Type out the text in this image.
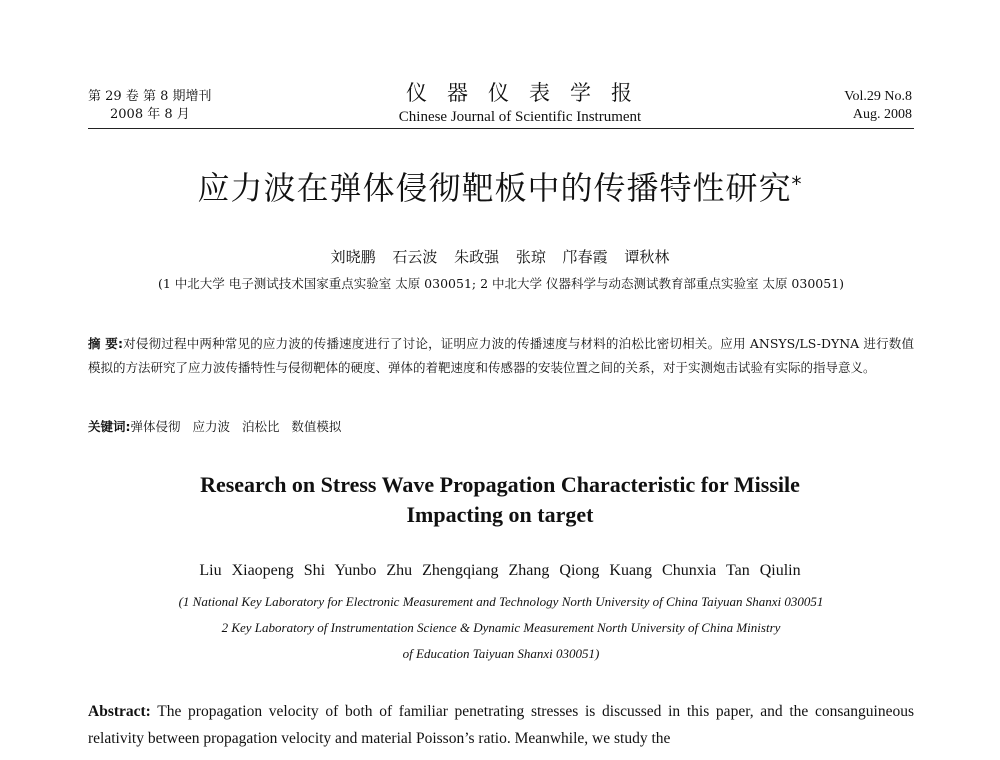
第 29 卷 第 8 期增刊
2008 年 8 月
仪器仪表学报
Chinese Journal of Scientific Instrument
Vol.29 No.8
Aug. 2008
应力波在弹体侵彻靶板中的传播特性研究*
刘晓鹏 石云波 朱政强 张琼 邝春霞 谭秋林
(1 中北大学 电子测试技术国家重点实验室 太原 030051; 2 中北大学 仪器科学与动态测试教育部重点实验室 太原 030051)
摘 要:对侵彻过程中两种常见的应力波的传播速度进行了讨论，证明应力波的传播速度与材料的泊松比密切相关。应用 ANSYS/LS-DYNA 进行数值模拟的方法研究了应力波传播特性与侵彻靶体的硬度、弹体的着靶速度和传感器的安装位置之间的关系，对于实测炮击试验有实际的指导意义。
关键词:弹体侵彻 应力波 泊松比 数值模拟
Research on Stress Wave Propagation Characteristic for Missile
Impacting on target
Liu Xiaopeng Shi Yunbo Zhu Zhengqiang Zhang Qiong Kuang Chunxia Tan Qiulin
(1 National Key Laboratory for Electronic Measurement and Technology North University of China Taiyuan Shanxi 030051
2 Key Laboratory of Instrumentation Science & Dynamic Measurement North University of China Ministry
of Education Taiyuan Shanxi 030051)
Abstract: The propagation velocity of both of familiar penetrating stresses is discussed in this paper, and the consanguineous relativity between propagation velocity and material Poisson’s ratio. Meanwhile, we study the
